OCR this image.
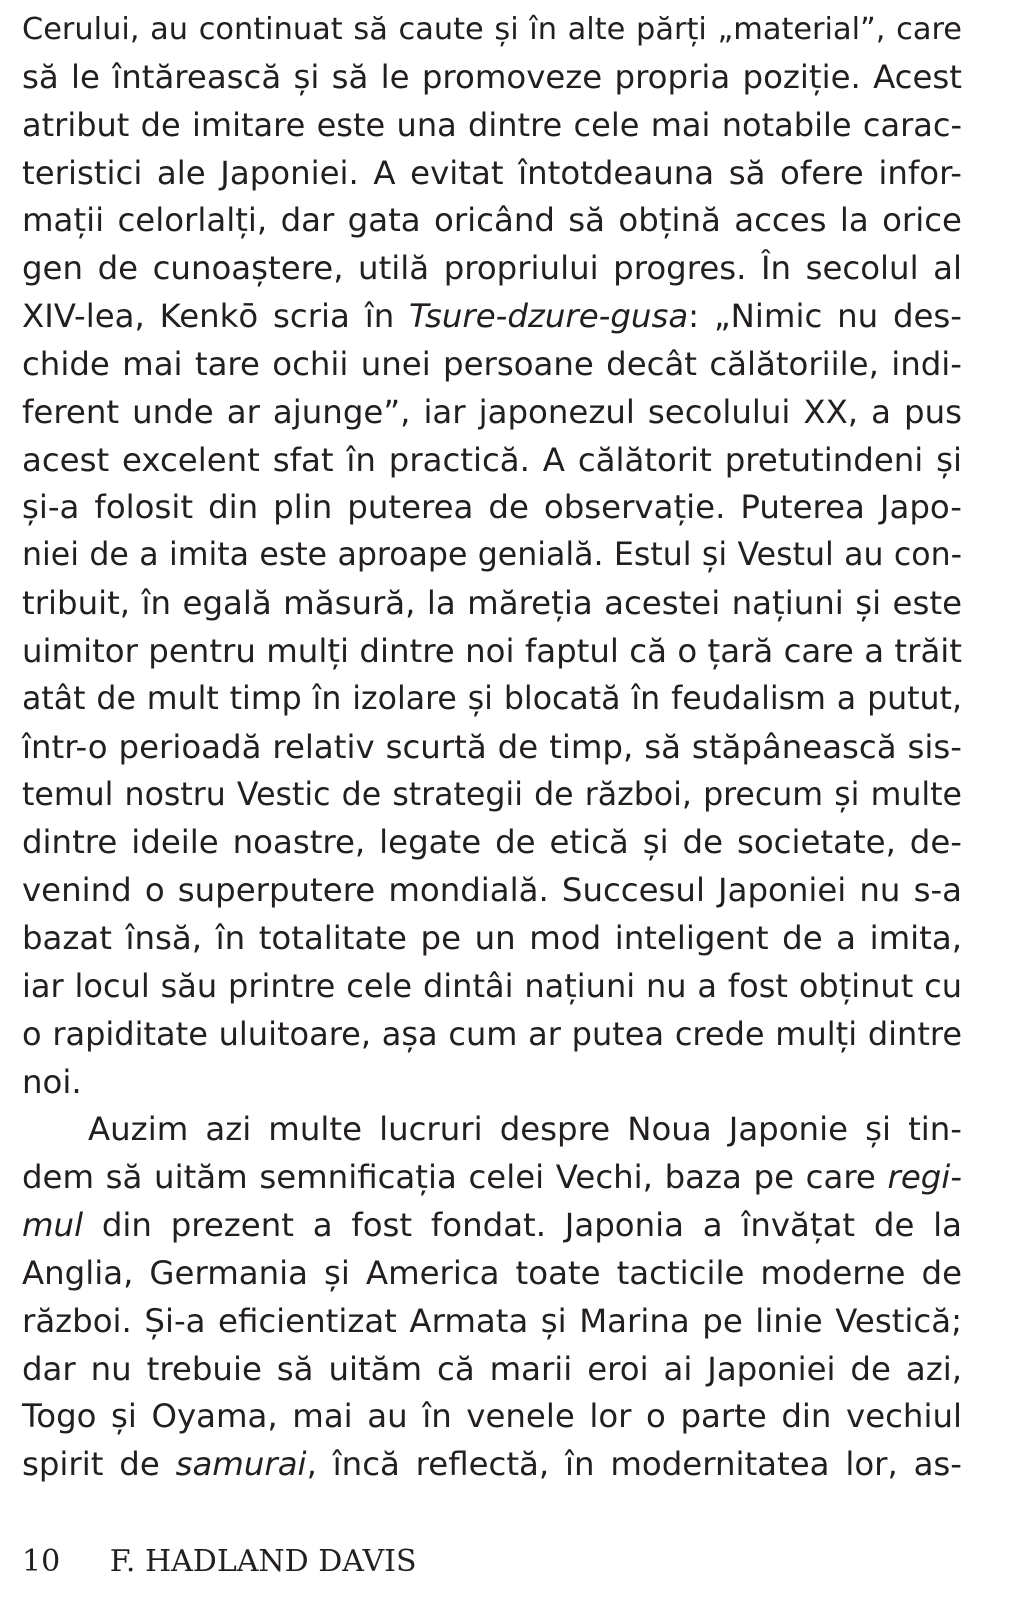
Cerului, au continuat să caute și în alte părți „material”, care
să le întărească și să le promoveze propria poziție. Acest
atribut de imitare este una dintre cele mai notabile carac-
teristici ale Japoniei. A evitat întotdeauna să ofere infor-
mații celorlalți, dar gata oricând să obțină acces la orice
gen de cunoaștere, utilă propriului progres. În secolul al
XIV-lea, Kenkō scria în Tsure-dzure-gusa: „Nimic nu des-
chide mai tare ochii unei persoane decât călătoriile, indi-
ferent unde ar ajunge”, iar japonezul secolului XX, a pus
acest excelent sfat în practică. A călătorit pretutindeni și
și-a folosit din plin puterea de observație. Puterea Japo-
niei de a imita este aproape genială. Estul și Vestul au con-
tribuit, în egală măsură, la măreția acestei națiuni și este
uimitor pentru mulți dintre noi faptul că o țară care a trăit
atât de mult timp în izolare și blocată în feudalism a putut,
într-o perioadă relativ scurtă de timp, să stăpânească sis-
temul nostru Vestic de strategii de război, precum și multe
dintre ideile noastre, legate de etică și de societate, de-
venind o superputere mondială. Succesul Japoniei nu s-a
bazat însă, în totalitate pe un mod inteligent de a imita,
iar locul său printre cele dintâi națiuni nu a fost obținut cu
o rapiditate uluitoare, așa cum ar putea crede mulți dintre
noi.
Auzim azi multe lucruri despre Noua Japonie și tin-
dem să uităm semnificația celei Vechi, baza pe care regi-
mul din prezent a fost fondat. Japonia a învățat de la
Anglia, Germania și America toate tacticile moderne de
război. Și-a eficientizat Armata și Marina pe linie Vestică;
dar nu trebuie să uităm că marii eroi ai Japoniei de azi,
Togo și Oyama, mai au în venele lor o parte din vechiul
spirit de samurai, încă reflectă, în modernitatea lor, as-
10 F. HADLAND DAVIS
